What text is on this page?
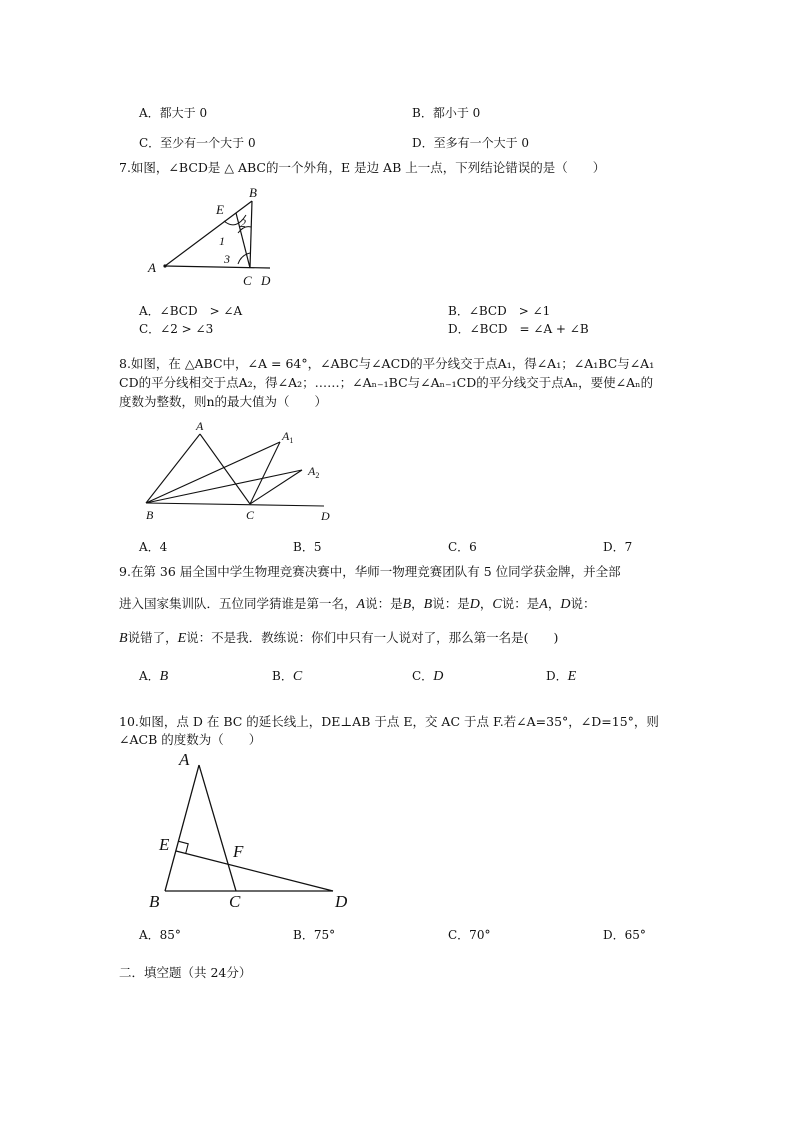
A．都大于 0	B．都小于 0
C．至少有一个大于 0	D．至多有一个大于 0
7.如图，∠BCD是 △ ABC的一个外角，E 是边 AB 上一点，下列结论错误的是（　　）
A
B
C D
E
1
2
3
A．∠BCD　> ∠A	B．∠BCD　> ∠1
C．∠2 > ∠3	D．∠BCD　= ∠A + ∠B
8.如图，在 △ABC中，∠A = 64°，∠ABC与∠ACD的平分线交于点A₁，得∠A₁；∠A₁BC与∠A₁
CD的平分线相交于点A₂，得∠A₂；……；∠Aₙ₋₁BC与∠Aₙ₋₁CD的平分线交于点Aₙ，要使∠Aₙ的
度数为整数，则n的最大值为（　　）
A
$A_1$
$A_2$
B	C	D
A．4	B．5	C．6	D．7
9.在第 36 届全国中学生物理竞赛决赛中，华师一物理竞赛团队有 5 位同学获金牌，并全部
进入国家集训队．五位同学猜谁是第一名，A说：是B，B说：是D，C说：是A，D说：
B说错了，E说：不是我．教练说：你们中只有一人说对了，那么第一名是(　　)
A．B	B．C	C．D	D．E
10.如图，点 D 在 BC 的延长线上，DE⊥AB 于点 E，交 AC 于点 F.若∠A=35°，∠D=15°，则
∠ACB 的度数为（　　）
A
E	F
B	C	D
A．85°	B．75°	C．70°	D．65°
二．填空题（共 24分）
